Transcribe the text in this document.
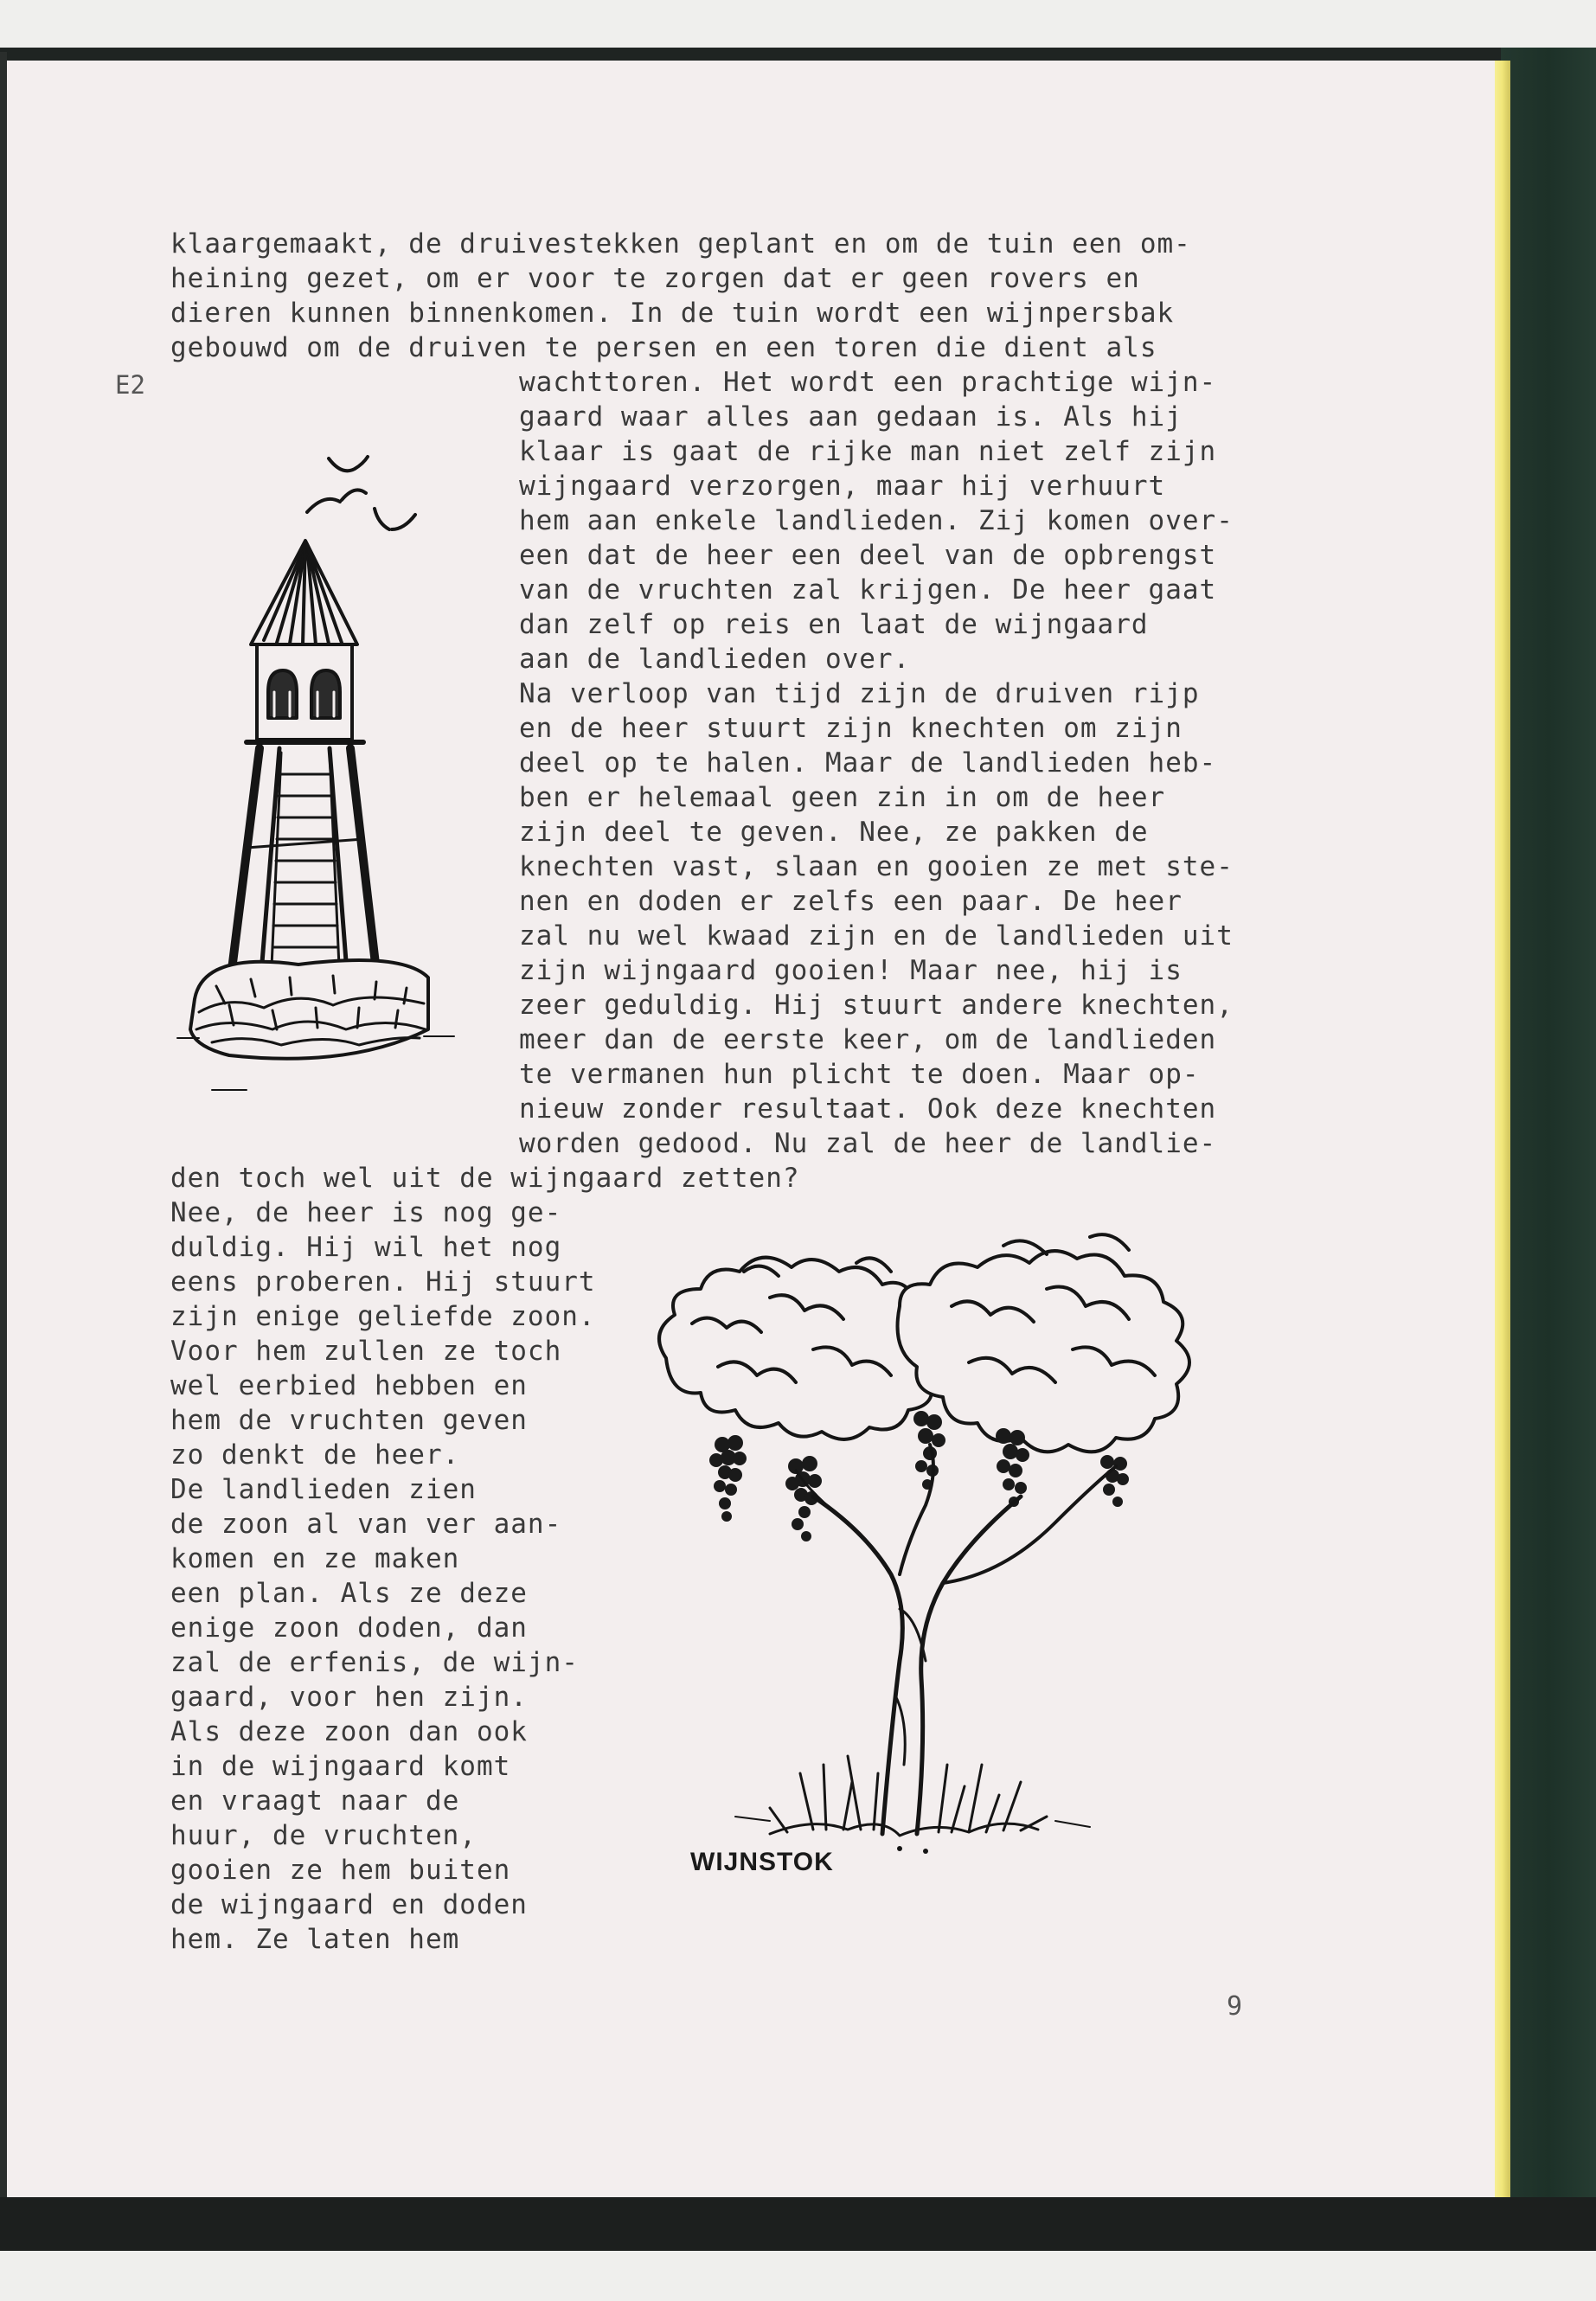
E2

klaargemaakt, de druivestekken geplant en om de tuin een om-

heining gezet, om er voor te zorgen dat er geen rovers en

dieren kunnen binnenkomen. In de tuin wordt een wijnpersbak

gebouwd om de druiven te persen en een toren die dient als

wachttoren. Het wordt een prachtige wijn-

gaard waar alles aan gedaan is. Als hij

klaar is gaat de rijke man niet zelf zijn

wijngaard verzorgen, maar hij verhuurt

hem aan enkele landlieden. Zij komen over-

een dat de heer een deel van de opbrengst

van de vruchten zal krijgen. De heer gaat

dan zelf op reis en laat de wijngaard

aan de landlieden over.

Na verloop van tijd zijn de druiven rijp

en de heer stuurt zijn knechten om zijn

deel op te halen. Maar de landlieden heb-

ben er helemaal geen zin in om de heer

zijn deel te geven. Nee, ze pakken de

knechten vast, slaan en gooien ze met ste-

nen en doden er zelfs een paar. De heer

zal nu wel kwaad zijn en de landlieden uit

zijn wijngaard gooien! Maar nee, hij is

zeer geduldig. Hij stuurt andere knechten,

meer dan de eerste keer, om de landlieden

te vermanen hun plicht te doen. Maar op-

nieuw zonder resultaat. Ook deze knechten

worden gedood. Nu zal de heer de landlie-

den toch wel uit de wijngaard zetten?

Nee, de heer is nog ge-

duldig. Hij wil het nog

eens proberen. Hij stuurt

zijn enige geliefde zoon.

Voor hem zullen ze toch

wel eerbied hebben en

hem de vruchten geven

zo denkt de heer.

De landlieden zien

de zoon al van ver aan-

komen en ze maken

een plan. Als ze deze

enige zoon doden, dan

zal de erfenis, de wijn-

gaard, voor hen zijn.

Als deze zoon dan ook

in de wijngaard komt

en vraagt naar de

huur, de vruchten,

gooien ze hem buiten

de wijngaard en doden

hem. Ze laten hem

WIJNSTOK
9
